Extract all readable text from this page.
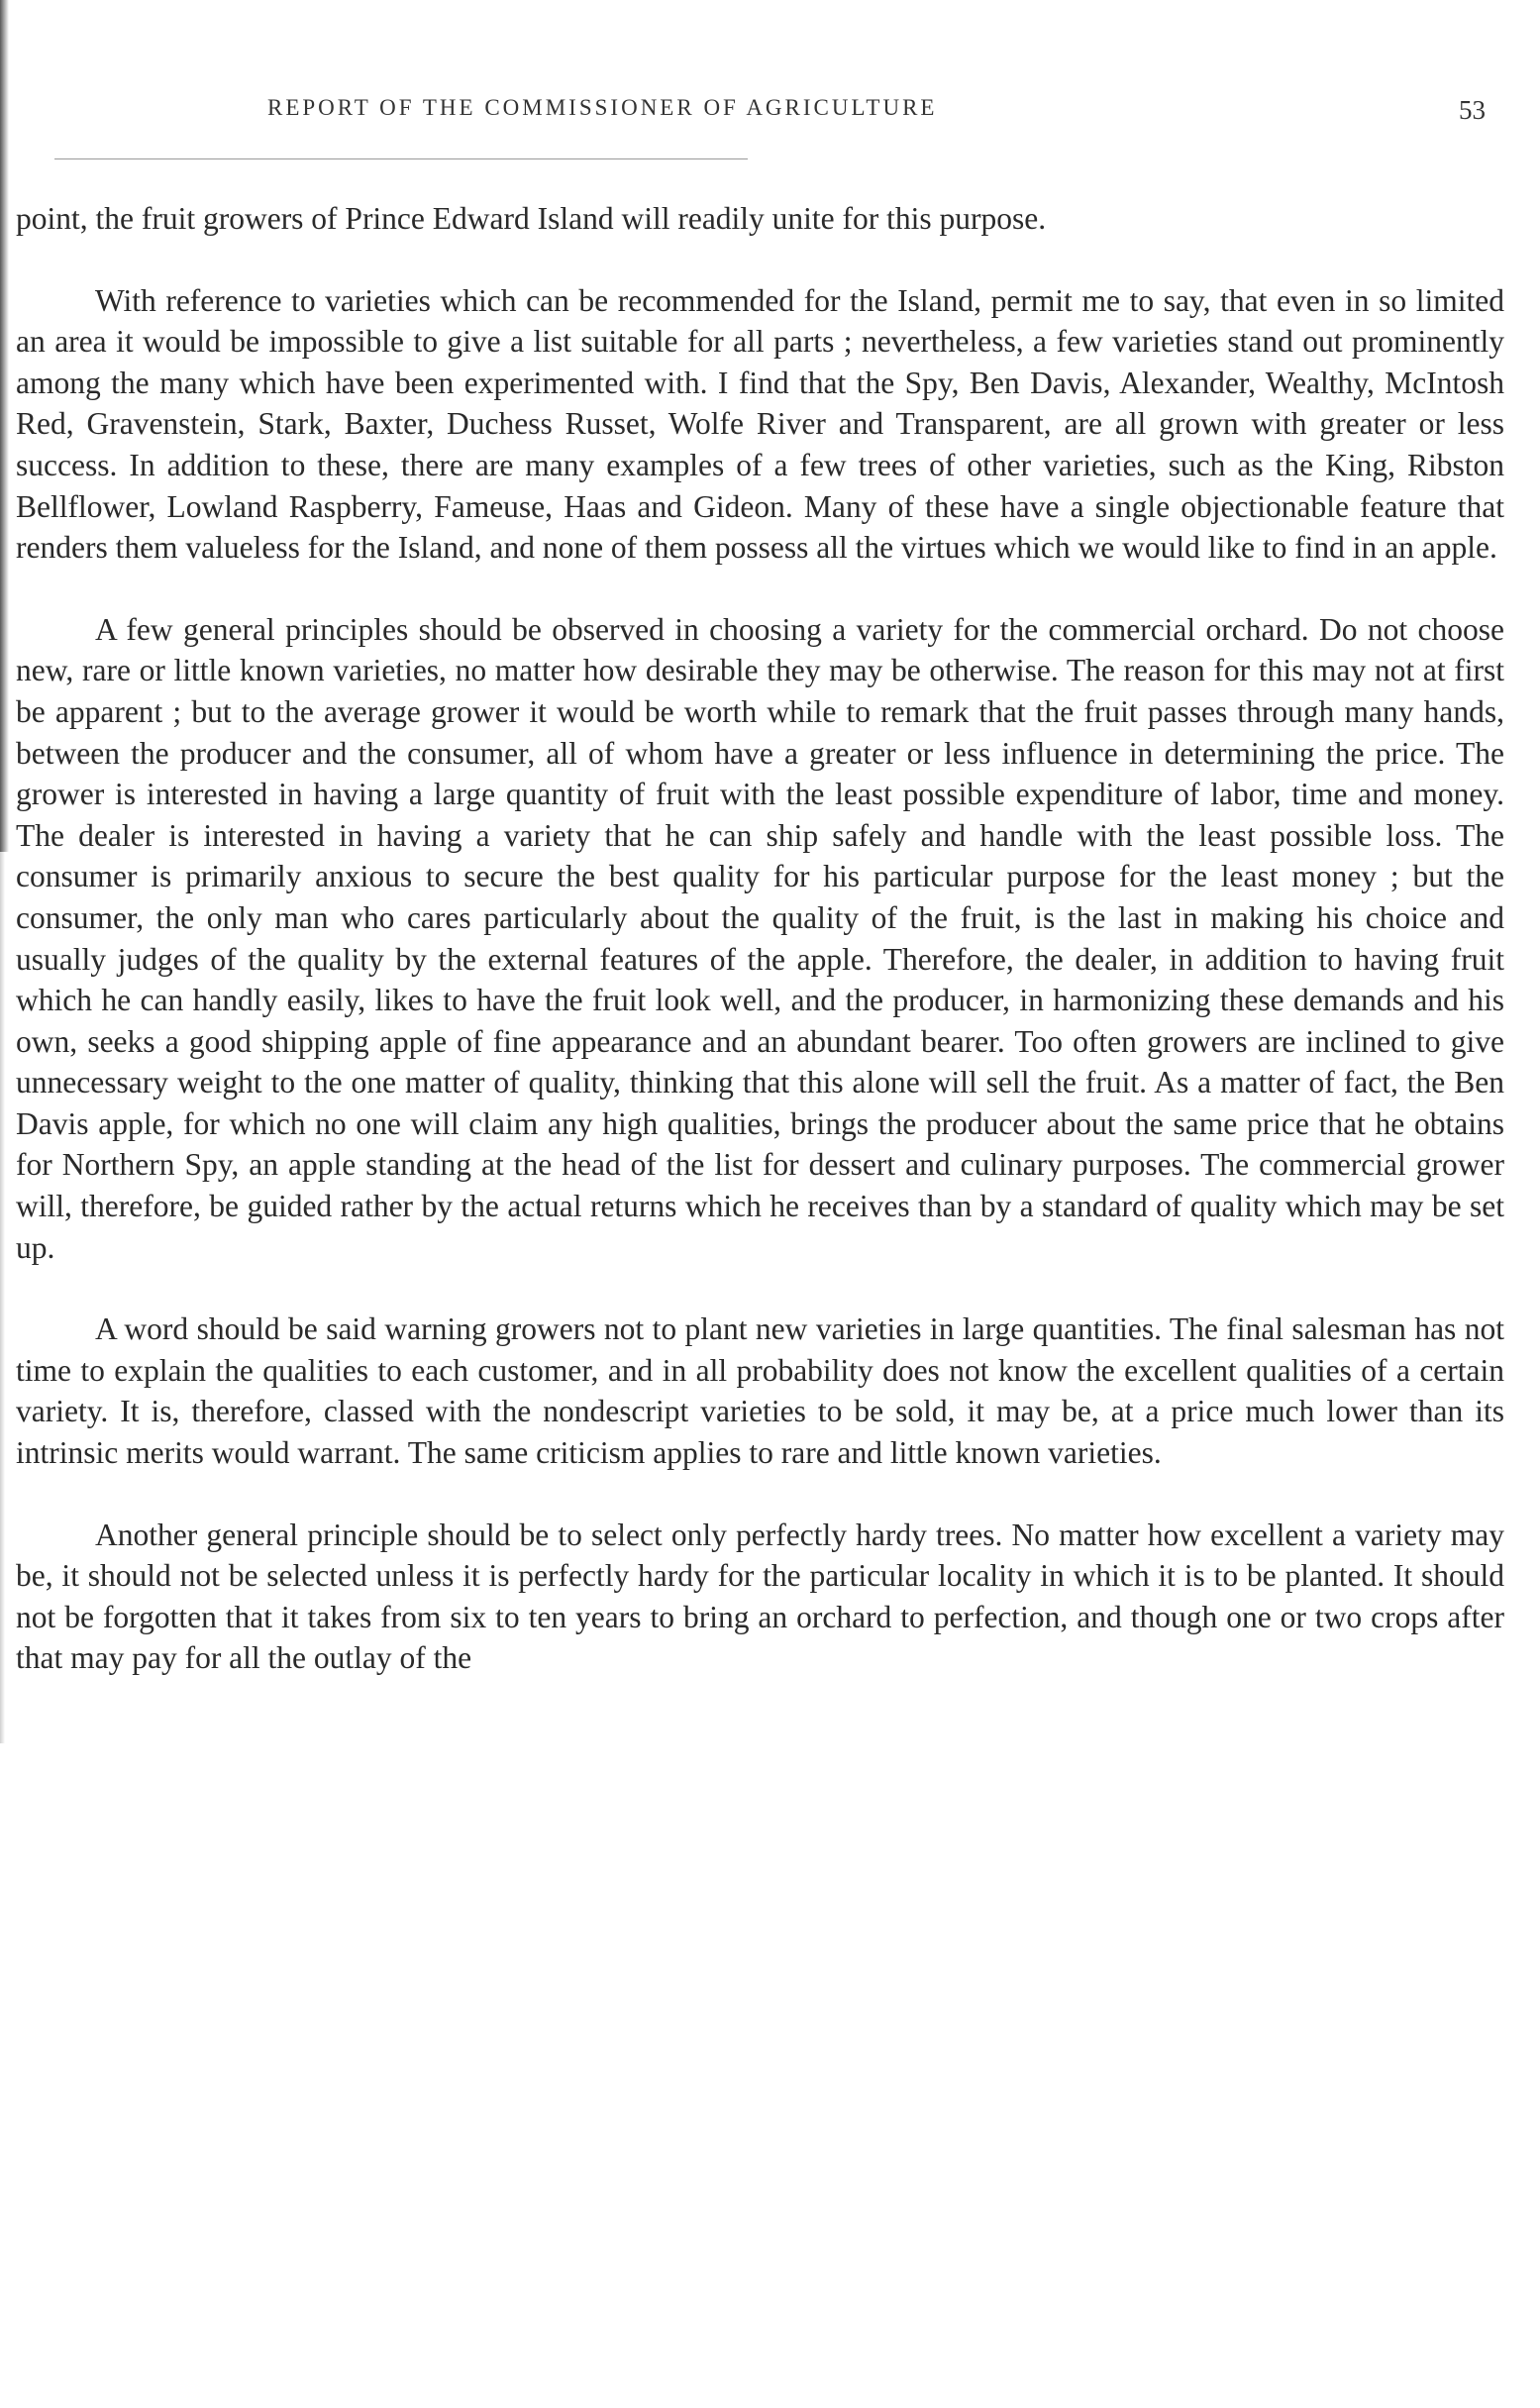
REPORT OF THE COMMISSIONER OF AGRICULTURE	53

point, the fruit growers of Prince Edward Island will readily unite for this purpose.

With reference to varieties which can be recommended for the Island, permit me to say, that even in so limited an area it would be impossible to give a list suitable for all parts ; nevertheless, a few varieties stand out prominently among the many which have been experimented with. I find that the Spy, Ben Davis, Alexander, Wealthy, McIntosh Red, Gravenstein, Stark, Baxter, Duchess Russet, Wolfe River and Transparent, are all grown with greater or less success. In addition to these, there are many examples of a few trees of other varieties, such as the King, Ribston Bellflower, Lowland Raspberry, Fameuse, Haas and Gideon. Many of these have a single objectionable feature that renders them valueless for the Island, and none of them possess all the virtues which we would like to find in an apple.

A few general principles should be observed in choosing a variety for the commercial orchard. Do not choose new, rare or little known varieties, no matter how desirable they may be otherwise. The reason for this may not at first be apparent ; but to the average grower it would be worth while to remark that the fruit passes through many hands, between the producer and the consumer, all of whom have a greater or less influence in determining the price. The grower is interested in having a large quantity of fruit with the least possible expenditure of labor, time and money. The dealer is interested in having a variety that he can ship safely and handle with the least possible loss. The consumer is primarily anxious to secure the best quality for his particular purpose for the least money ; but the consumer, the only man who cares particularly about the quality of the fruit, is the last in making his choice and usually judges of the quality by the external features of the apple. Therefore, the dealer, in addition to having fruit which he can handly easily, likes to have the fruit look well, and the producer, in harmonizing these demands and his own, seeks a good shipping apple of fine appearance and an abundant bearer. Too often growers are inclined to give unnecessary weight to the one matter of quality, thinking that this alone will sell the fruit. As a matter of fact, the Ben Davis apple, for which no one will claim any high qualities, brings the producer about the same price that he obtains for Northern Spy, an apple standing at the head of the list for dessert and culinary purposes. The commercial grower will, therefore, be guided rather by the actual returns which he receives than by a standard of quality which may be set up.

A word should be said warning growers not to plant new varieties in large quantities. The final salesman has not time to explain the qualities to each customer, and in all probability does not know the excellent qualities of a certain variety. It is, therefore, classed with the nondescript varieties to be sold, it may be, at a price much lower than its intrinsic merits would warrant. The same criticism applies to rare and little known varieties.

Another general principle should be to select only perfectly hardy trees. No matter how excellent a variety may be, it should not be selected unless it is perfectly hardy for the particular locality in which it is to be planted. It should not be forgotten that it takes from six to ten years to bring an orchard to perfection, and though one or two crops after that may pay for all the outlay of the
